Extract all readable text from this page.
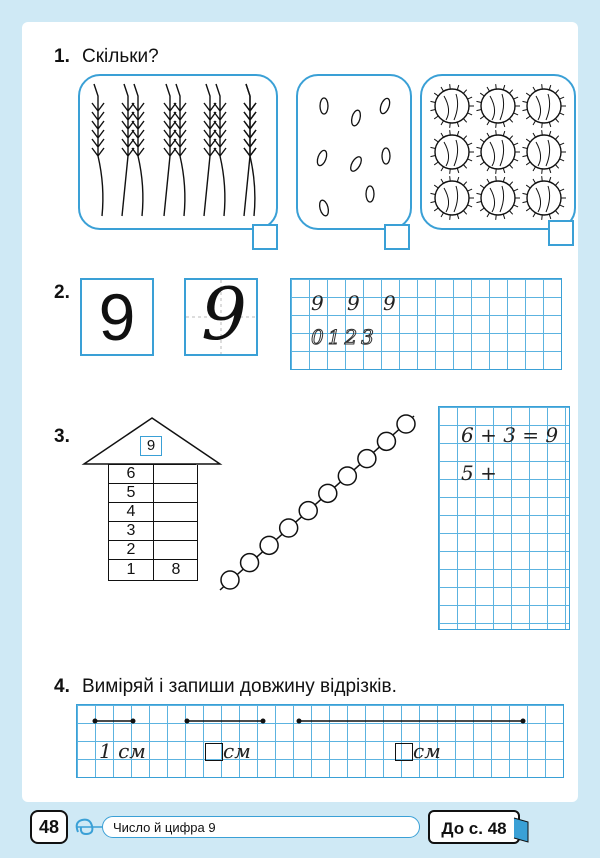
1. Скільки?
2. 9 9	9 9 9
0123
3.	9
6
5
4
3
2
1	8
6 + 3 = 9
5 +
4. Виміряй і запиши довжину відрізків.
1 см	см	см
48	Число й цифра 9	До с. 48
